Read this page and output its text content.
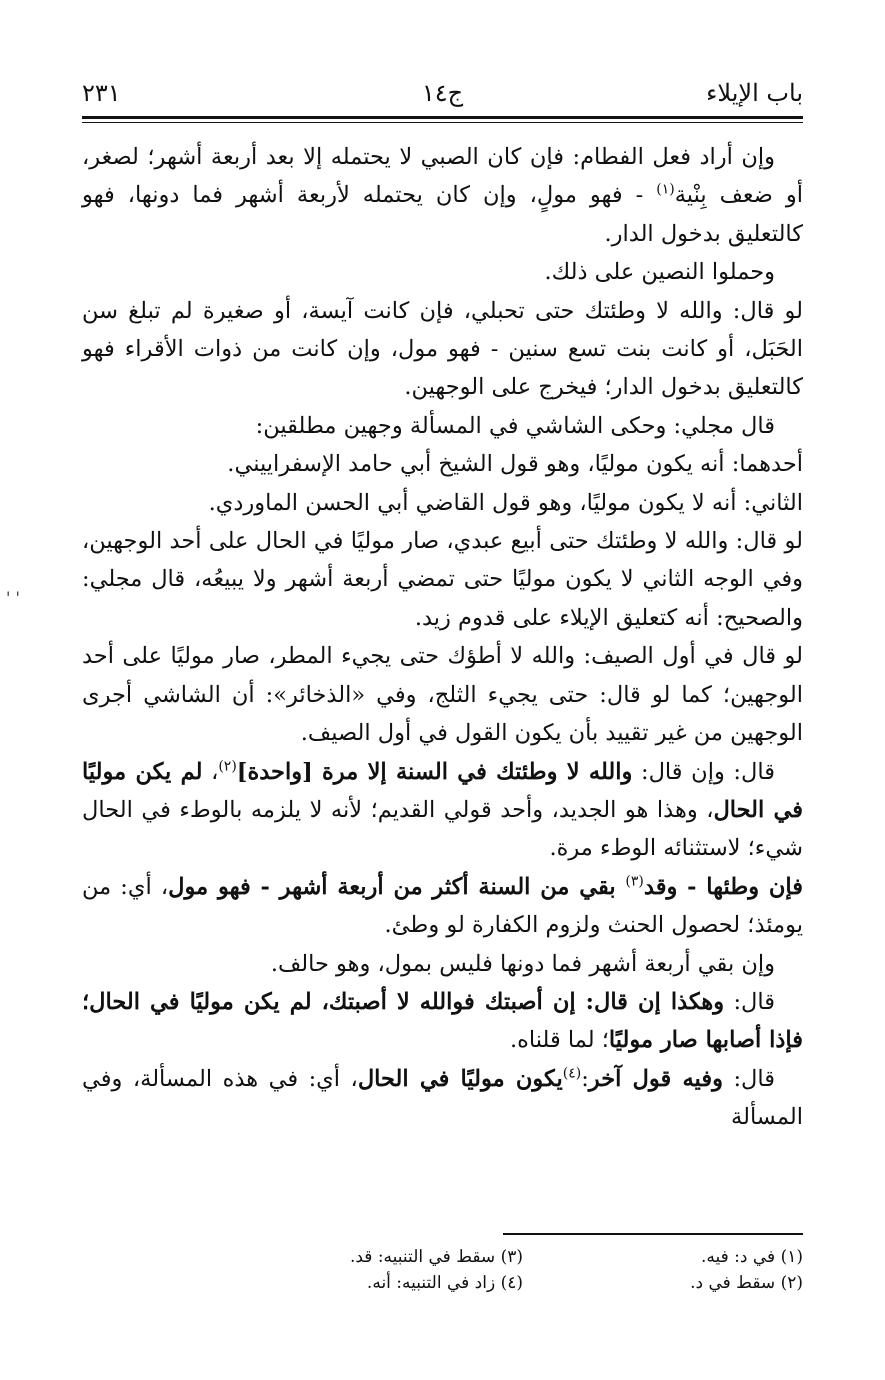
باب الإيلاء
ج١٤
٢٣١
' '

وإن أراد فعل الفطام: فإن كان الصبي لا يحتمله إلا بعد أربعة أشهر؛ لصغر، أو ضعف بِنْية$^{(١)}$ - فهو مولٍ، وإن كان يحتمله لأربعة أشهر فما دونها، فهو كالتعليق بدخول الدار.

وحملوا النصين على ذلك.

لو قال: والله لا وطئتك حتى تحبلي، فإن كانت آيسة، أو صغيرة لم تبلغ سن الحَبَل، أو كانت بنت تسع سنين - فهو مول، وإن كانت من ذوات الأقراء فهو كالتعليق بدخول الدار؛ فيخرج على الوجهين.

قال مجلي: وحكى الشاشي في المسألة وجهين مطلقين:

أحدهما: أنه يكون موليًا، وهو قول الشيخ أبي حامد الإسفراييني.

الثاني: أنه لا يكون موليًا، وهو قول القاضي أبي الحسن الماوردي.

لو قال: والله لا وطئتك حتى أبيع عبدي، صار موليًا في الحال على أحد الوجهين، وفي الوجه الثاني لا يكون موليًا حتى تمضي أربعة أشهر ولا يبيعُه، قال مجلي: والصحيح: أنه كتعليق الإيلاء على قدوم زيد.

لو قال في أول الصيف: والله لا أطؤك حتى يجيء المطر، صار موليًا على أحد الوجهين؛ كما لو قال: حتى يجيء الثلج، وفي «الذخائر»: أن الشاشي أجرى الوجهين من غير تقييد بأن يكون القول في أول الصيف.

قال: وإن قال: والله لا وطئتك في السنة إلا مرة [واحدة]$^{(٢)}$، لم يكن موليًا في الحال، وهذا هو الجديد، وأحد قولي القديم؛ لأنه لا يلزمه بالوطء في الحال شيء؛ لاستثنائه الوطء مرة.

فإن وطئها - وقد$^{(٣)}$ بقي من السنة أكثر من أربعة أشهر - فهو مول، أي: من يومئذ؛ لحصول الحنث ولزوم الكفارة لو وطئ.

وإن بقي أربعة أشهر فما دونها فليس بمول، وهو حالف.

قال: وهكذا إن قال: إن أصبتك فوالله لا أصبتك، لم يكن موليًا في الحال؛ فإذا أصابها صار موليًا؛ لما قلناه.

قال: وفيه قول آخر:$^{(٤)}$يكون موليًا في الحال، أي: في هذه المسألة، وفي المسألة

(١) في د: فيه.
(٢) سقط في د.
(٣) سقط في التنبيه: قد.
(٤) زاد في التنبيه: أنه.
